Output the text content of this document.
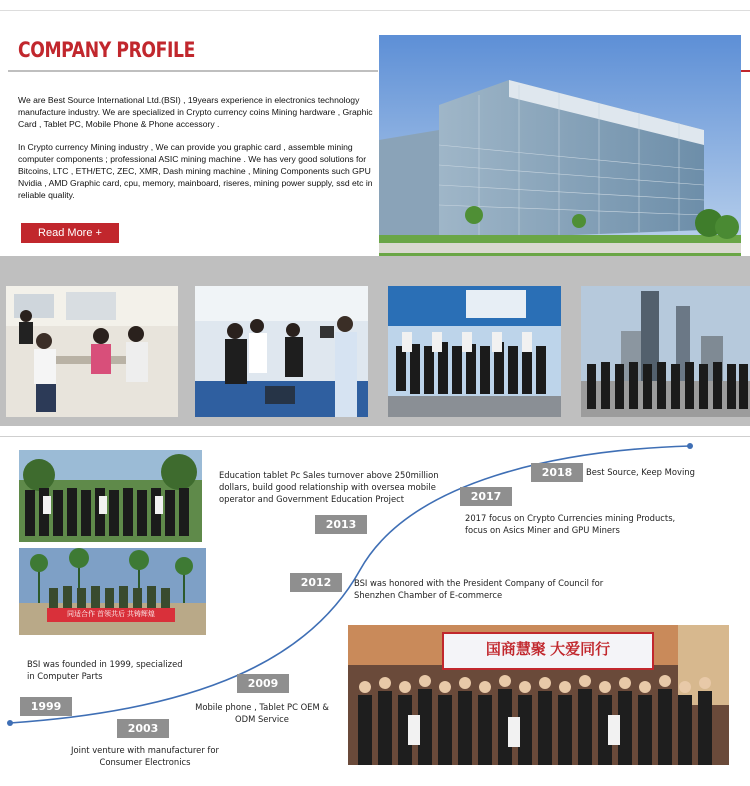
COMPANY PROFILE

We are Best Source International Ltd.(BSI) , 19years experience in electronics technology manufacture industry. We are specialized in Crypto currency coins Mining hardware , Graphic Card , Tablet PC, Mobile Phone & Phone accessory .

In Crypto currency Mining industry , We can provide you graphic card , assemble mining computer components ; professional ASIC mining machine . We has very good solutions for Bitcoins, LTC , ETH/ETC, ZEC, XMR, Dash mining machine , Mining Components such GPU Nvidia , AMD Graphic card, cpu, memory, mainboard, riseres, mining power supply, ssd etc in reliable quality.

Read More +
同适合作 首领共后 共铸辉煌
国商慧聚 大爱同行
1999
BSI was founded in 1999, specialized in Computer Parts
2003
Joint venture with manufacturer for Consumer Electronics
2009
Mobile phone , Tablet PC OEM & ODM Service
2012	BSI was honored with the President Company of Council for Shenzhen Chamber of E-commerce
2013
Education tablet Pc Sales turnover above 250million dollars, build good relationship with oversea mobile operator and Government Education Project	2017
2017 focus on Crypto Currencies mining Products, focus on Asics Miner and GPU Miners
2018	Best Source, Keep Moving
